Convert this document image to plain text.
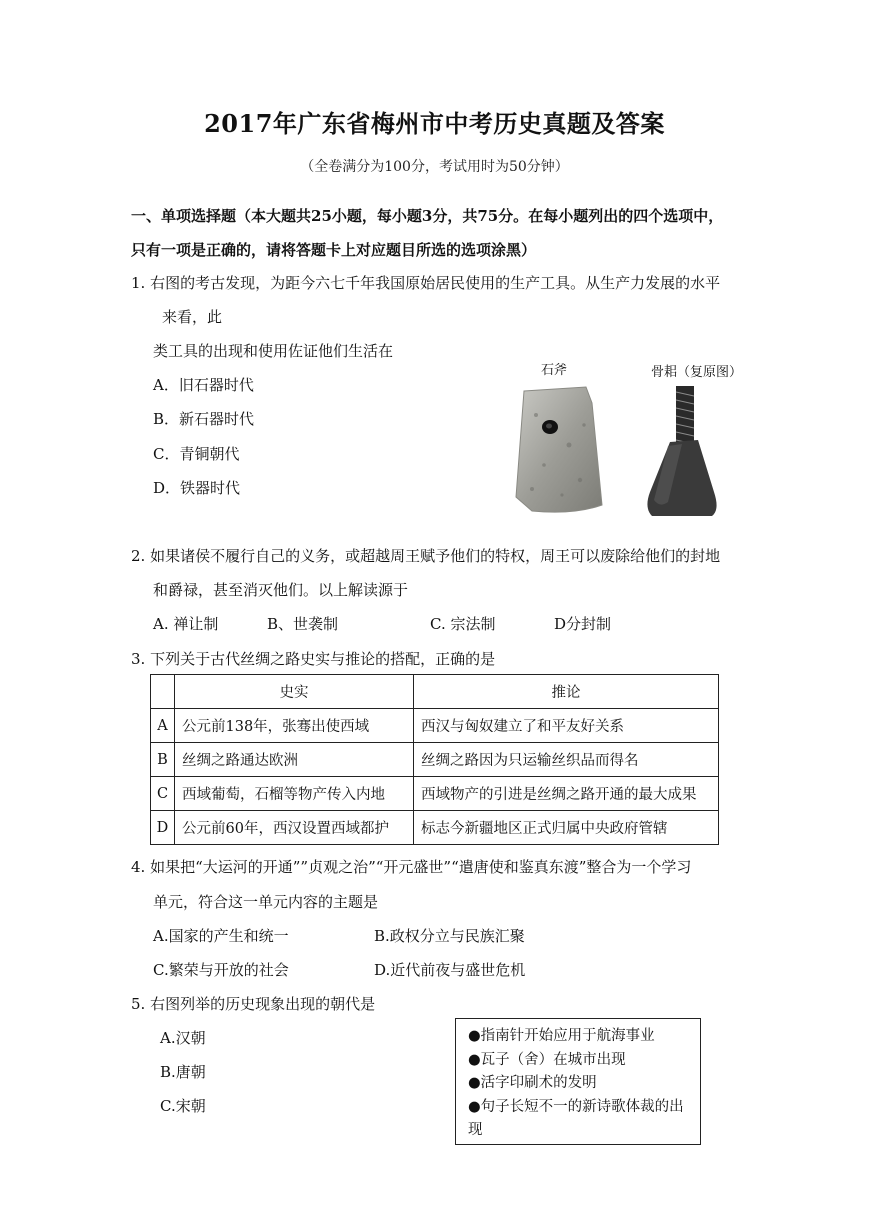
2017年广东省梅州市中考历史真题及答案
（全卷满分为100分，考试用时为50分钟）
一、单项选择题（本大题共25小题，每小题3分，共75分。在每小题列出的四个选项中，
只有一项是正确的，请将答题卡上对应题目所选的选项涂黑）
1. 右图的考古发现，为距今六七千年我国原始居民使用的生产工具。从生产力发展的水平
来看，此
类工具的出现和使用佐证他们生活在
A．旧石器时代
B．新石器时代
C．青铜朝代
D．铁器时代
石斧	骨耜（复原图）
2. 如果诸侯不履行自己的义务，或超越周王赋予他们的特权，周王可以废除给他们的封地
和爵禄，甚至消灭他们。以上解读源于
A. 禅让制	B、世袭制	C. 宗法制	D分封制
3. 下列关于古代丝绸之路史实与推论的搭配，正确的是
	史实	推论
A	公元前138年，张骞出使西域	西汉与匈奴建立了和平友好关系
B	丝绸之路通达欧洲	丝绸之路因为只运输丝织品而得名
C	西域葡萄，石榴等物产传入内地	西域物产的引进是丝绸之路开通的最大成果
D	公元前60年，西汉设置西域都护	标志今新疆地区正式归属中央政府管辖
4. 如果把“大运河的开通””贞观之治”“开元盛世”“遣唐使和鉴真东渡”整合为一个学习
单元，符合这一单元内容的主题是
A.国家的产生和统一	B.政权分立与民族汇聚
C.繁荣与开放的社会	D.近代前夜与盛世危机
5. 右图列举的历史现象出现的朝代是
A.汉朝
B.唐朝
C.宋朝
●指南针开始应用于航海事业
●瓦子（舍）在城市出现
●活字印刷术的发明
●句子长短不一的新诗歌体裁的出现
